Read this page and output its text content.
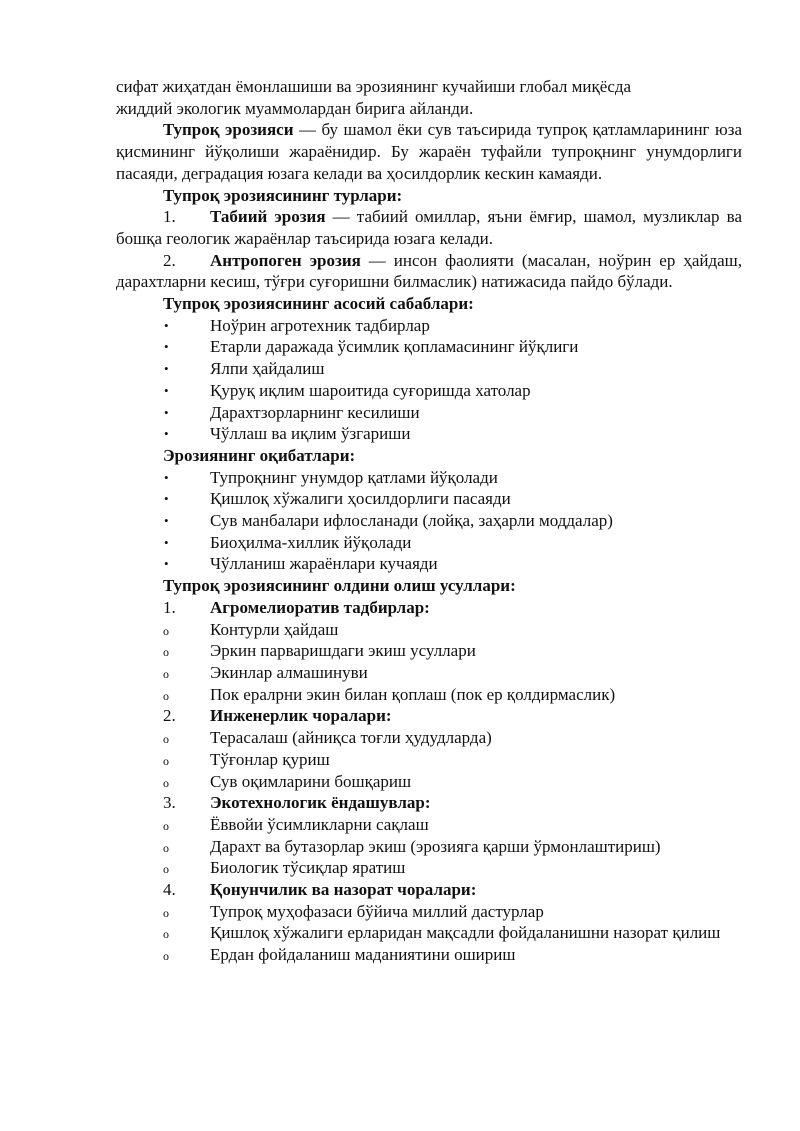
сифат жиҳатдан ёмонлашиши ва эрозиянинг кучайиши глобал миқёсда

жиддий экологик муаммолардан бирига айланди.

Тупроқ эрозияси — бу шамол ёки сув таъсирида тупроқ қатламларининг юза қисмининг йўқолиши жараёнидир. Бу жараён туфайли тупроқнинг унумдорлиги пасаяди, деградация юзага келади ва ҳосилдорлик кескин камаяди.

Тупроқ эрозиясининг турлари:

1. Табиий эрозия — табиий омиллар, яъни ёмғир, шамол, музликлар ва бошқа геологик жараёнлар таъсирида юзага келади.

2. Антропоген эрозия — инсон фаолияти (масалан, ноўрин ер ҳайдаш, дарахтларни кесиш, тўғри суғоришни билмаслик) натижасида пайдо бўлади.

Тупроқ эрозиясининг асосий сабаблари:

• Ноўрин агротехник тадбирлар

• Етарли даражада ўсимлик қопламасининг йўқлиги

• Ялпи ҳайдалиш

• Қуруқ иқлим шароитида суғоришда хатолар

• Дарахтзорларнинг кесилиши

• Чўллаш ва иқлим ўзгариши

Эрозиянинг оқибатлари:

• Тупроқнинг унумдор қатлами йўқолади

• Қишлоқ хўжалиги ҳосилдорлиги пасаяди

• Сув манбалари ифлосланади (лойқа, заҳарли моддалар)

• Биоҳилма-хиллик йўқолади

• Чўлланиш жараёнлари кучаяди

Тупроқ эрозиясининг олдини олиш усуллари:

1. Агромелиоратив тадбирлар:

o Контурли ҳайдаш

o Эркин парваришдаги экиш усуллари

o Экинлар алмашинуви

o Пок ералрни экин билан қоплаш (пок ер қолдирмаслик)

2. Инженерлик чоралари:

o Терасалаш (айниқса тоғли ҳудудларда)

o Тўғонлар қуриш

o Сув оқимларини бошқариш

3. Экотехнологик ёндашувлар:

o Ёввойи ўсимликларни сақлаш

o Дарахт ва бутазорлар экиш (эрозияга қарши ўрмонлаштириш)

o Биологик тўсиқлар яратиш

4. Қонунчилик ва назорат чоралари:

o Тупроқ муҳофазаси бўйича миллий дастурлар

o Қишлоқ хўжалиги ерларидан мақсадли фойдаланишни назорат қилиш

o Ердан фойдаланиш маданиятини ошириш
